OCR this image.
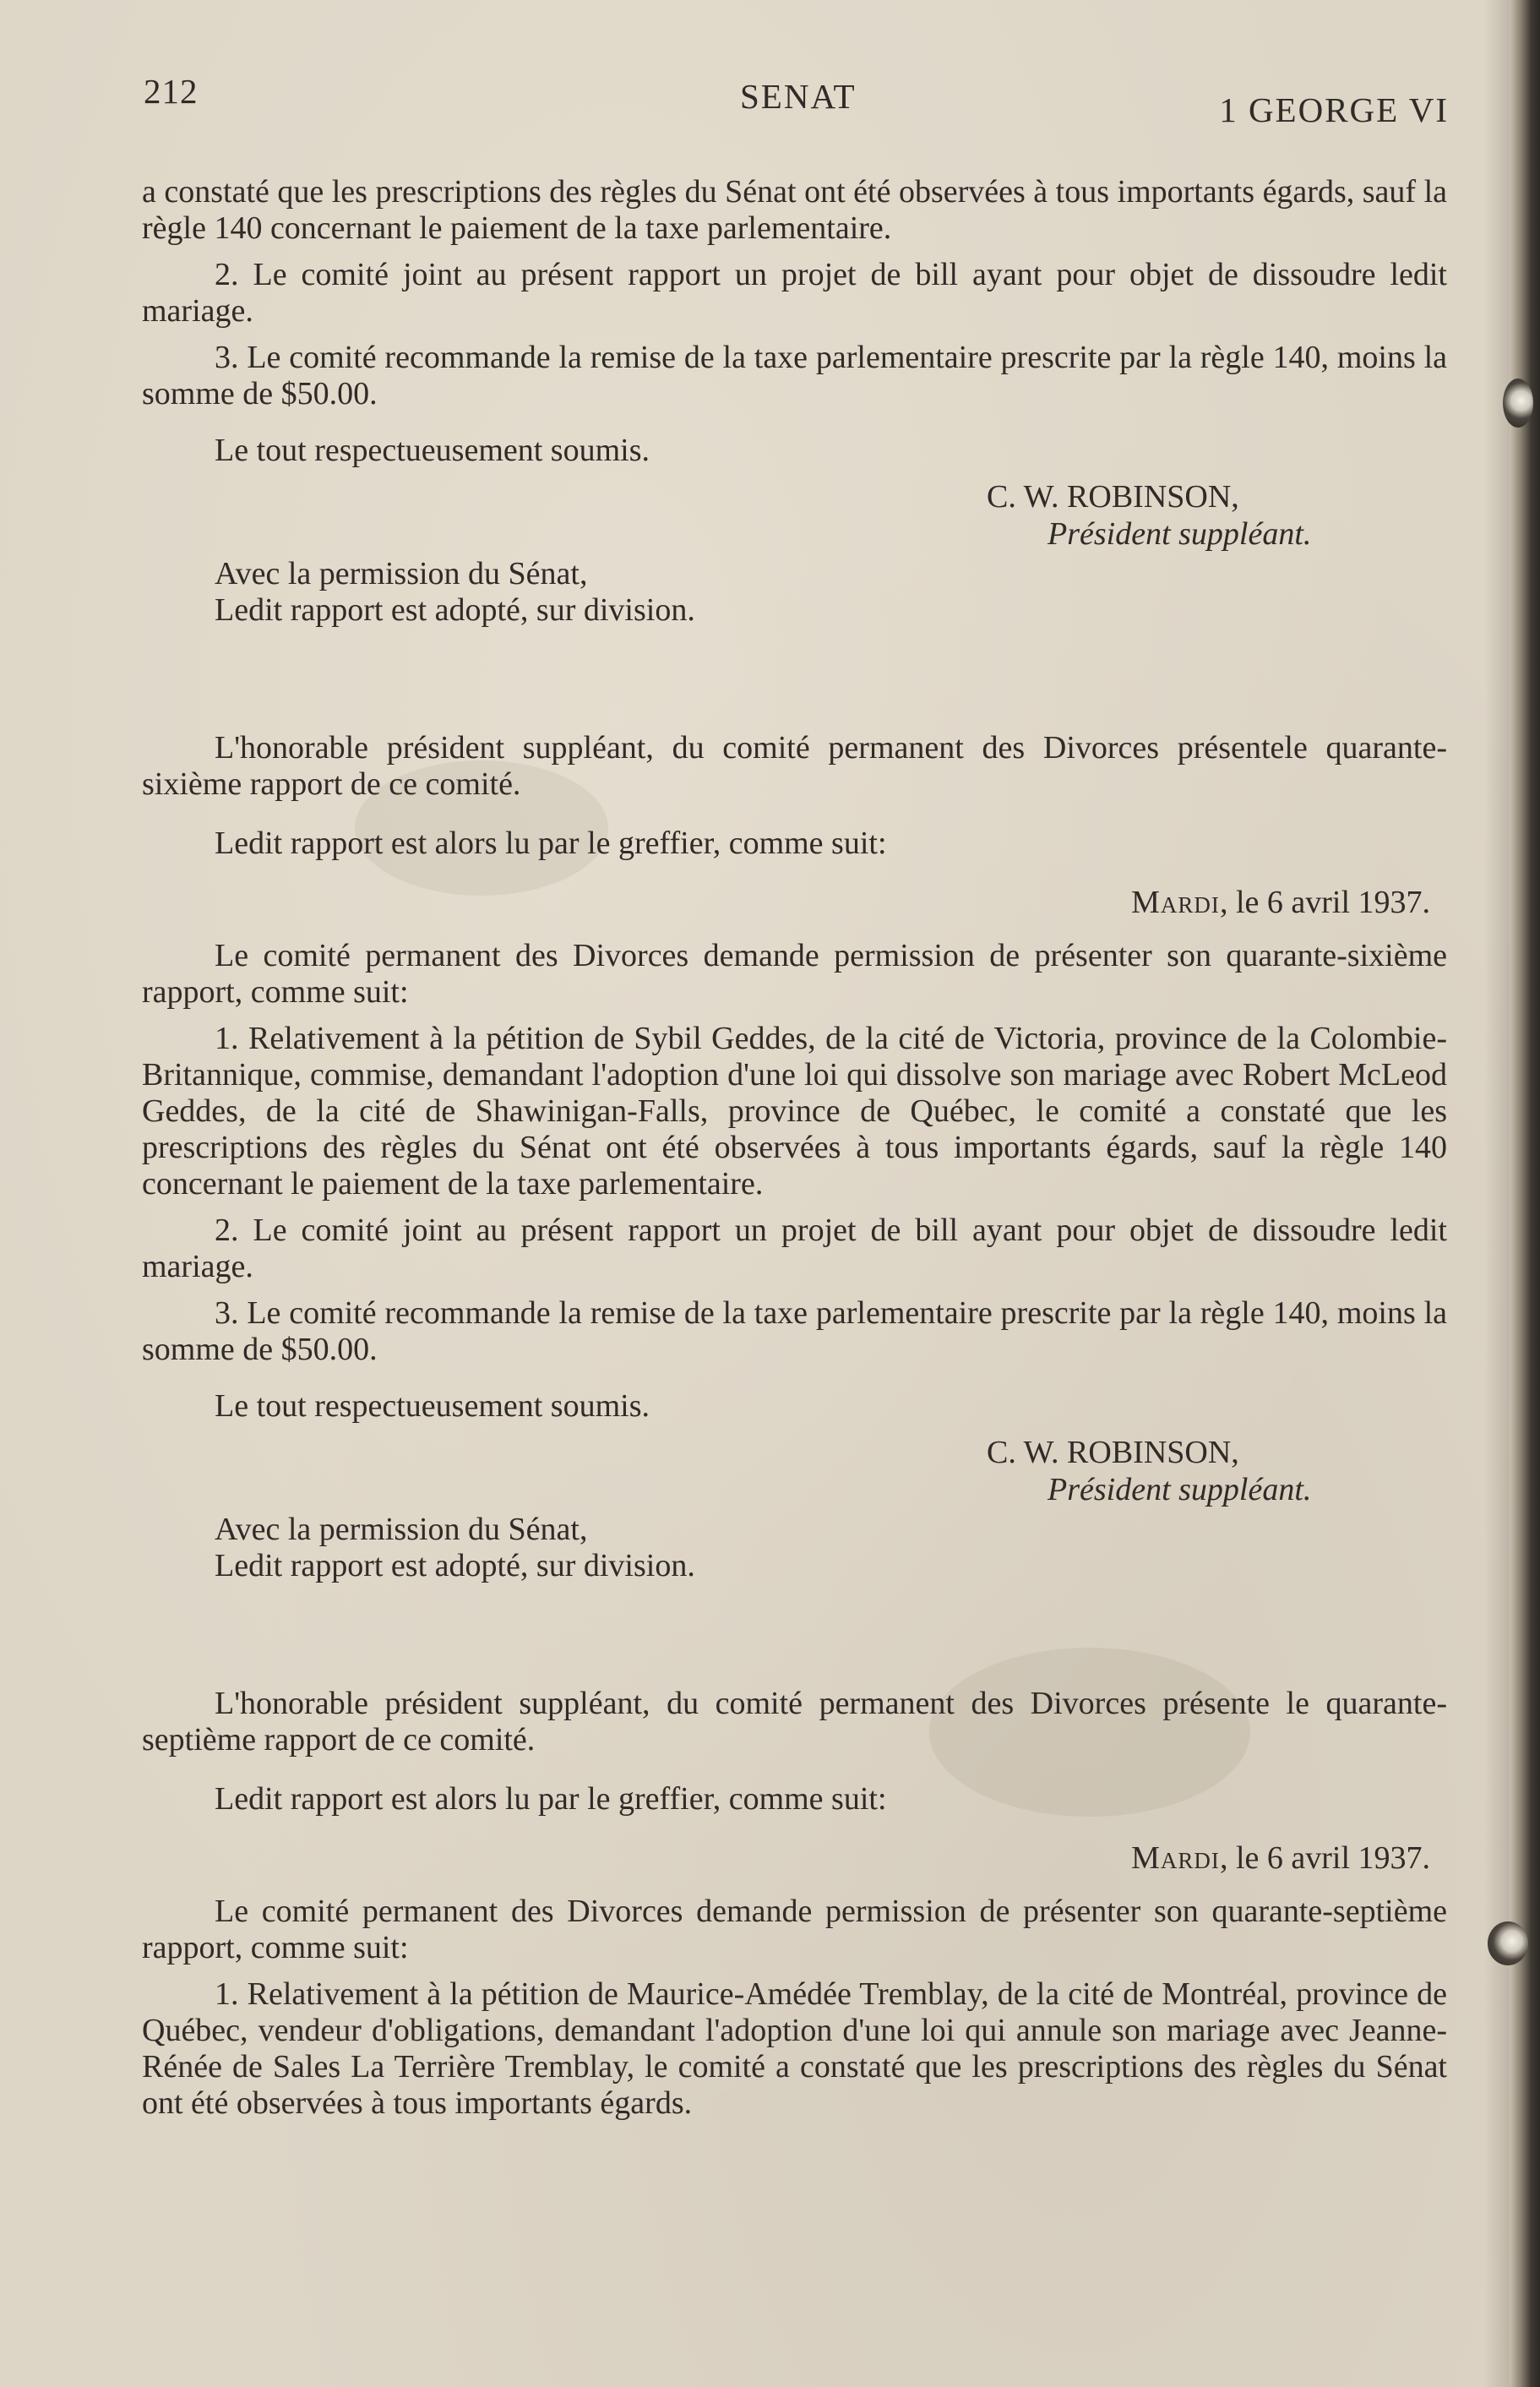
212	SENAT	1 GEORGE VI

a constaté que les prescriptions des règles du Sénat ont été observées à tous importants égards, sauf la règle 140 concernant le paiement de la taxe parlementaire.

2. Le comité joint au présent rapport un projet de bill ayant pour objet de dissoudre ledit mariage.

3. Le comité recommande la remise de la taxe parlementaire prescrite par la règle 140, moins la somme de $50.00.

Le tout respectueusement soumis.

C. W. ROBINSON,

Président suppléant.

Avec la permission du Sénat,
Ledit rapport est adopté, sur division.

L'honorable président suppléant, du comité permanent des Divorces présentele quarante-sixième rapport de ce comité.

Ledit rapport est alors lu par le greffier, comme suit:

Mardi, le 6 avril 1937.

Le comité permanent des Divorces demande permission de présenter son quarante-sixième rapport, comme suit:

1. Relativement à la pétition de Sybil Geddes, de la cité de Victoria, province de la Colombie-Britannique, commise, demandant l'adoption d'une loi qui dissolve son mariage avec Robert McLeod Geddes, de la cité de Shawinigan-Falls, province de Québec, le comité a constaté que les prescriptions des règles du Sénat ont été observées à tous importants égards, sauf la règle 140 concernant le paiement de la taxe parlementaire.

2. Le comité joint au présent rapport un projet de bill ayant pour objet de dissoudre ledit mariage.

3. Le comité recommande la remise de la taxe parlementaire prescrite par la règle 140, moins la somme de $50.00.

Le tout respectueusement soumis.

C. W. ROBINSON,

Président suppléant.

Avec la permission du Sénat,
Ledit rapport est adopté, sur division.

L'honorable président suppléant, du comité permanent des Divorces présente le quarante-septième rapport de ce comité.

Ledit rapport est alors lu par le greffier, comme suit:

Mardi, le 6 avril 1937.

Le comité permanent des Divorces demande permission de présenter son quarante-septième rapport, comme suit:

1. Relativement à la pétition de Maurice-Amédée Tremblay, de la cité de Montréal, province de Québec, vendeur d'obligations, demandant l'adoption d'une loi qui annule son mariage avec Jeanne-Rénée de Sales La Terrière Tremblay, le comité a constaté que les prescriptions des règles du Sénat ont été observées à tous importants égards.
